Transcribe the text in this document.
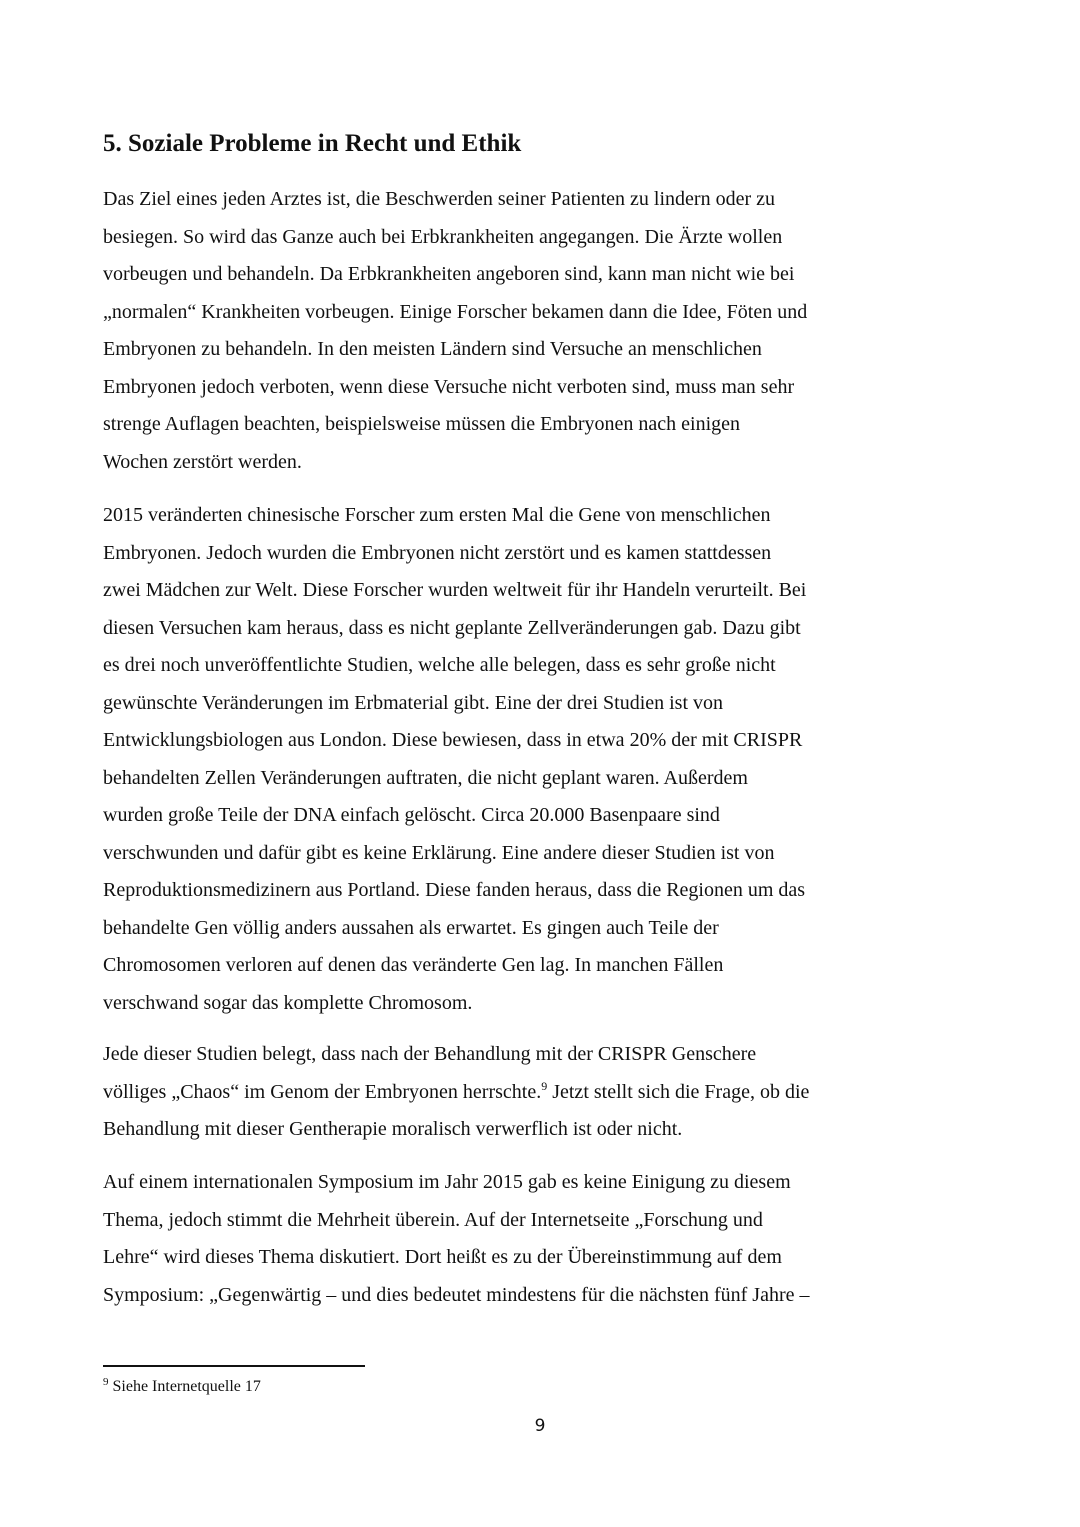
5. Soziale Probleme in Recht und Ethik
Das Ziel eines jeden Arztes ist, die Beschwerden seiner Patienten zu lindern oder zu
besiegen. So wird das Ganze auch bei Erbkrankheiten angegangen. Die Ärzte wollen
vorbeugen und behandeln. Da Erbkrankheiten angeboren sind, kann man nicht wie bei
„normalen“ Krankheiten vorbeugen. Einige Forscher bekamen dann die Idee, Föten und
Embryonen zu behandeln. In den meisten Ländern sind Versuche an menschlichen
Embryonen jedoch verboten, wenn diese Versuche nicht verboten sind, muss man sehr
strenge Auflagen beachten, beispielsweise müssen die Embryonen nach einigen
Wochen zerstört werden.
2015 veränderten chinesische Forscher zum ersten Mal die Gene von menschlichen
Embryonen. Jedoch wurden die Embryonen nicht zerstört und es kamen stattdessen
zwei Mädchen zur Welt. Diese Forscher wurden weltweit für ihr Handeln verurteilt. Bei
diesen Versuchen kam heraus, dass es nicht geplante Zellveränderungen gab. Dazu gibt
es drei noch unveröffentlichte Studien, welche alle belegen, dass es sehr große nicht
gewünschte Veränderungen im Erbmaterial gibt. Eine der drei Studien ist von
Entwicklungsbiologen aus London. Diese bewiesen, dass in etwa 20% der mit CRISPR
behandelten Zellen Veränderungen auftraten, die nicht geplant waren. Außerdem
wurden große Teile der DNA einfach gelöscht. Circa 20.000 Basenpaare sind
verschwunden und dafür gibt es keine Erklärung. Eine andere dieser Studien ist von
Reproduktionsmedizinern aus Portland. Diese fanden heraus, dass die Regionen um das
behandelte Gen völlig anders aussahen als erwartet. Es gingen auch Teile der
Chromosomen verloren auf denen das veränderte Gen lag. In manchen Fällen
verschwand sogar das komplette Chromosom.
Jede dieser Studien belegt, dass nach der Behandlung mit der CRISPR Genschere
völliges „Chaos“ im Genom der Embryonen herrschte.$^9$ Jetzt stellt sich die Frage, ob die
Behandlung mit dieser Gentherapie moralisch verwerflich ist oder nicht.
Auf einem internationalen Symposium im Jahr 2015 gab es keine Einigung zu diesem
Thema, jedoch stimmt die Mehrheit überein. Auf der Internetseite „Forschung und
Lehre“ wird dieses Thema diskutiert. Dort heißt es zu der Übereinstimmung auf dem
Symposium: „Gegenwärtig – und dies bedeutet mindestens für die nächsten fünf Jahre –
$^9$ Siehe Internetquelle 17
9
